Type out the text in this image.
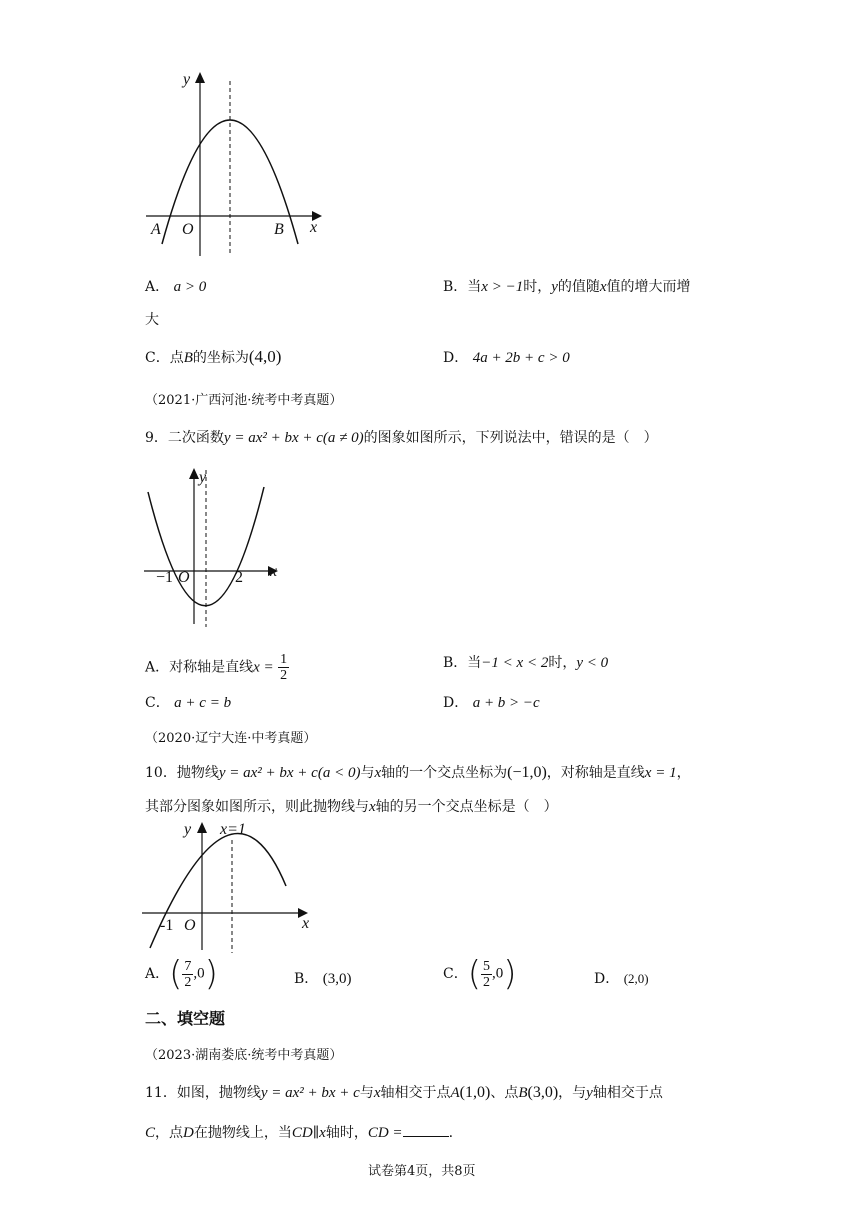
y
x
O
A	B
A． a > 0	B．当x > −1时，y的值随x值的增大而增
大
C．点B的坐标为(4,0)	D． 4a + 2b + c > 0
（2021·广西河池·统考中考真题）
9．二次函数y = ax² + bx + c(a ≠ 0)的图象如图所示，下列说法中，错误的是（　）
y
x
O
−1	2
A．对称轴是直线$x = \frac{1}{2}$	B．当−1 < x < 2时，y < 0
C． a + c = b	D． a + b > −c
（2020·辽宁大连·中考真题）
10．抛物线y = ax² + bx + c(a < 0)与x轴的一个交点坐标为(−1,0)，对称轴是直线x = 1，
其部分图象如图所示，则此抛物线与x轴的另一个交点坐标是（　）
y x=1
x
O
-1
A．( $\frac{7}{2} ,0$)	B． (3,0)	C．( $\frac{5}{2} ,0$)	D． (2,0)
二、填空题
（2023·湖南娄底·统考中考真题）
11．如图，抛物线y = ax² + bx + c与x轴相交于点A(1,0)、点B(3,0)，与y轴相交于点
C，点D在抛物线上，当CD∥x轴时，CD =	.
试卷第4页，共8页
